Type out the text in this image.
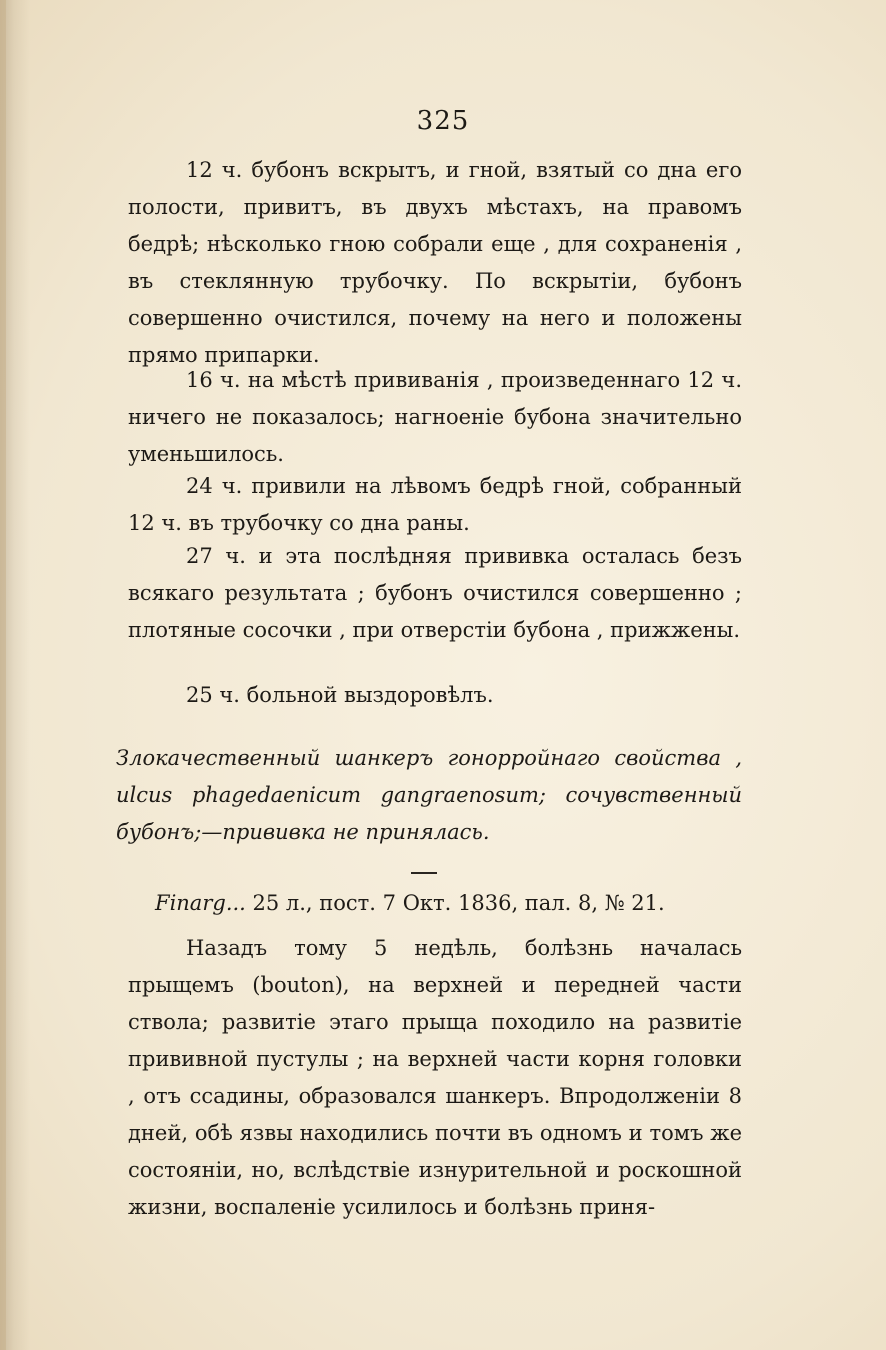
325

12 ч. бубонъ вскрытъ, и гной, взятый со дна его полости, привитъ, въ двухъ мѣстахъ, на правомъ бедрѣ; нѣсколько гною собрали еще , для сохраненія , въ стеклянную трубочку. По вскрытіи, бубонъ совершенно очистился, почему на него и положены прямо припарки.

16 ч. на мѣстѣ прививанія , произведеннаго 12 ч. ничего не показалось; нагноеніе бубона значительно уменьшилось.

24 ч. привили на лѣвомъ бедрѣ гной, собранный 12 ч. въ трубочку со дна раны.

27 ч. и эта послѣдняя прививка осталась безъ всякаго результата ; бубонъ очистился совершенно ; плотяные сосочки , при отверстіи бубона , прижжены.

25 ч. больной выздоровѣлъ.

Злокачественный шанкеръ гонорройнаго свойства , ulcus phagedaenicum gangraenosum; сочувственный бубонъ;—прививка не принялась.
Finarg... 25 л., пост. 7 Окт. 1836, пал. 8, № 21.

Назадъ тому 5 недѣль, болѣзнь началась прыщемъ (bouton), на верхней и передней части ствола; развитіе этаго прыща походило на развитіе прививной пустулы ; на верхней части корня головки , отъ ссадины, образовался шанкеръ. Впродолженіи 8 дней, обѣ язвы находились почти въ одномъ и томъ же состояніи, но, вслѣдствіе изнурительной и роскошной жизни, воспаленіе усилилось и болѣзнь приня-
